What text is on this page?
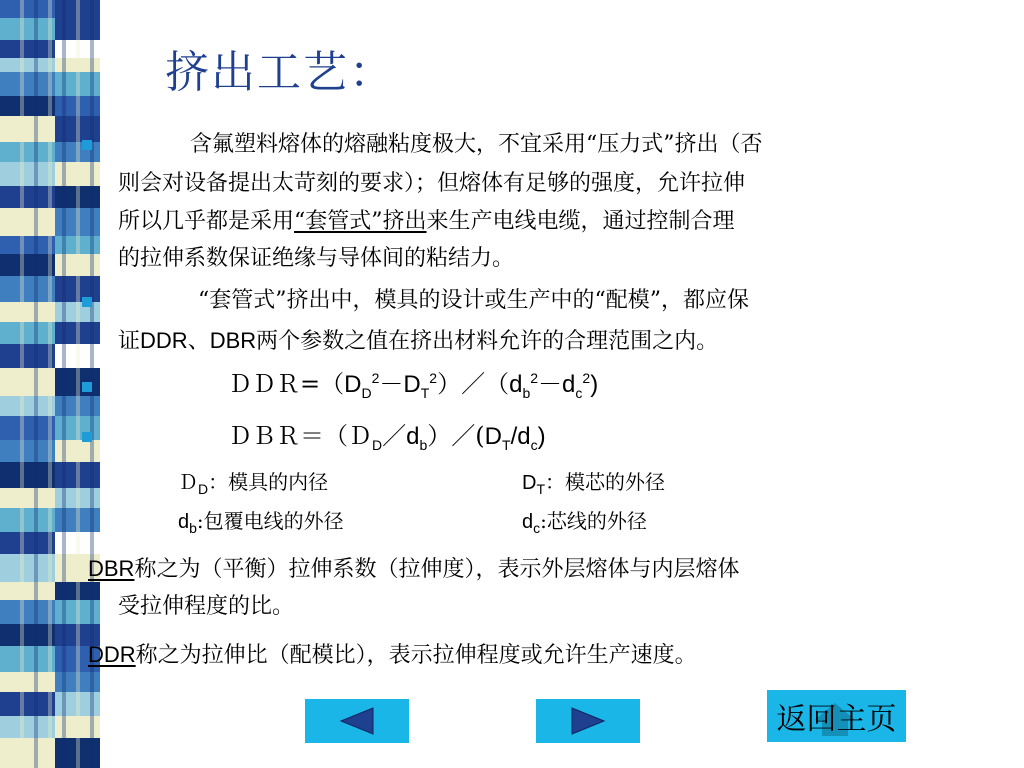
挤出工艺：
含氟塑料熔体的熔融粘度极大，不宜采用“压力式”挤出（否
则会对设备提出太苛刻的要求）；但熔体有足够的强度，允许拉伸
所以几乎都是采用“套管式”挤出来生产电线电缆，通过控制合理
的拉伸系数保证绝缘与导体间的粘结力。
“套管式”挤出中，模具的设计或生产中的“配模”，都应保
证DDR、DBR两个参数之值在挤出材料允许的合理范围之内。
$DDR=(D_D^2-D_T^2)/(d_b^2-d_c^2)$
$DBR=(D_D/d_b)/(D_T/d_c)$
Ｄ$_D$：模具的内径	$D_T$：模芯的外径
$d_b$:包覆电线的外径	$d_c$:芯线的外径
DBR称之为（平衡）拉伸系数（拉伸度），表示外层熔体与内层熔体
受拉伸程度的比。
DDR称之为拉伸比（配模比），表示拉伸程度或允许生产速度。
返回主页
